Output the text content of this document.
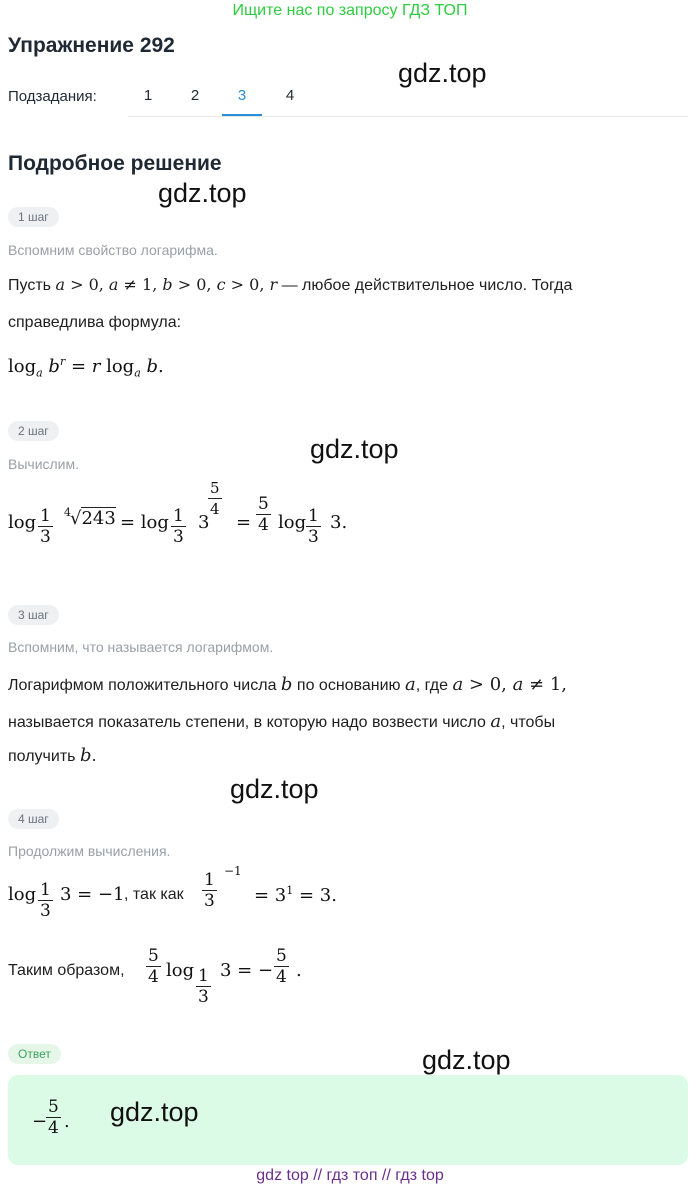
Ищите нас по запросу ГДЗ ТОП
Упражнение 292
Подзадания:	1	2	3	4
gdz.top
Подробное решение
gdz.top
1 шаг
Вспомним свойство логарифма.
Пусть a > 0, a ≠ 1, b > 0, c > 0, r — любое действительное число. Тогда
справедлива формула:
$\log_a b^r = r$ $\log_a b$.
2 шаг
Вычислим.	gdz.top
$\log \frac{1}{3} 4$ $√243 = \log \frac{1}{3} 3$
$\frac{5}{4}$
= $\frac{5}{4}$ $\log \frac{1}{3} 3$.
3 шаг
Вспомним, что называется логарифмом.
Логарифмом положительного числа b по основанию a, где a > 0, a ≠ 1,
называется показатель степени, в которую надо возвести число a, чтобы
получить b.
gdz.top
4 шаг
Продолжим вычисления.
$\log \frac{1}{3} 3 = -1$ , так как $\frac{1}{3} -1$
= $3^1 = 3$.
Таким образом, $\frac{5}{4}$ $\log \frac{1}{3} 3$ = − $\frac{5}{4}$ .
Ответ	gdz.top
−
$\frac{5}{4}$ . gdz.top
gdz top // гдз топ // гдз top
